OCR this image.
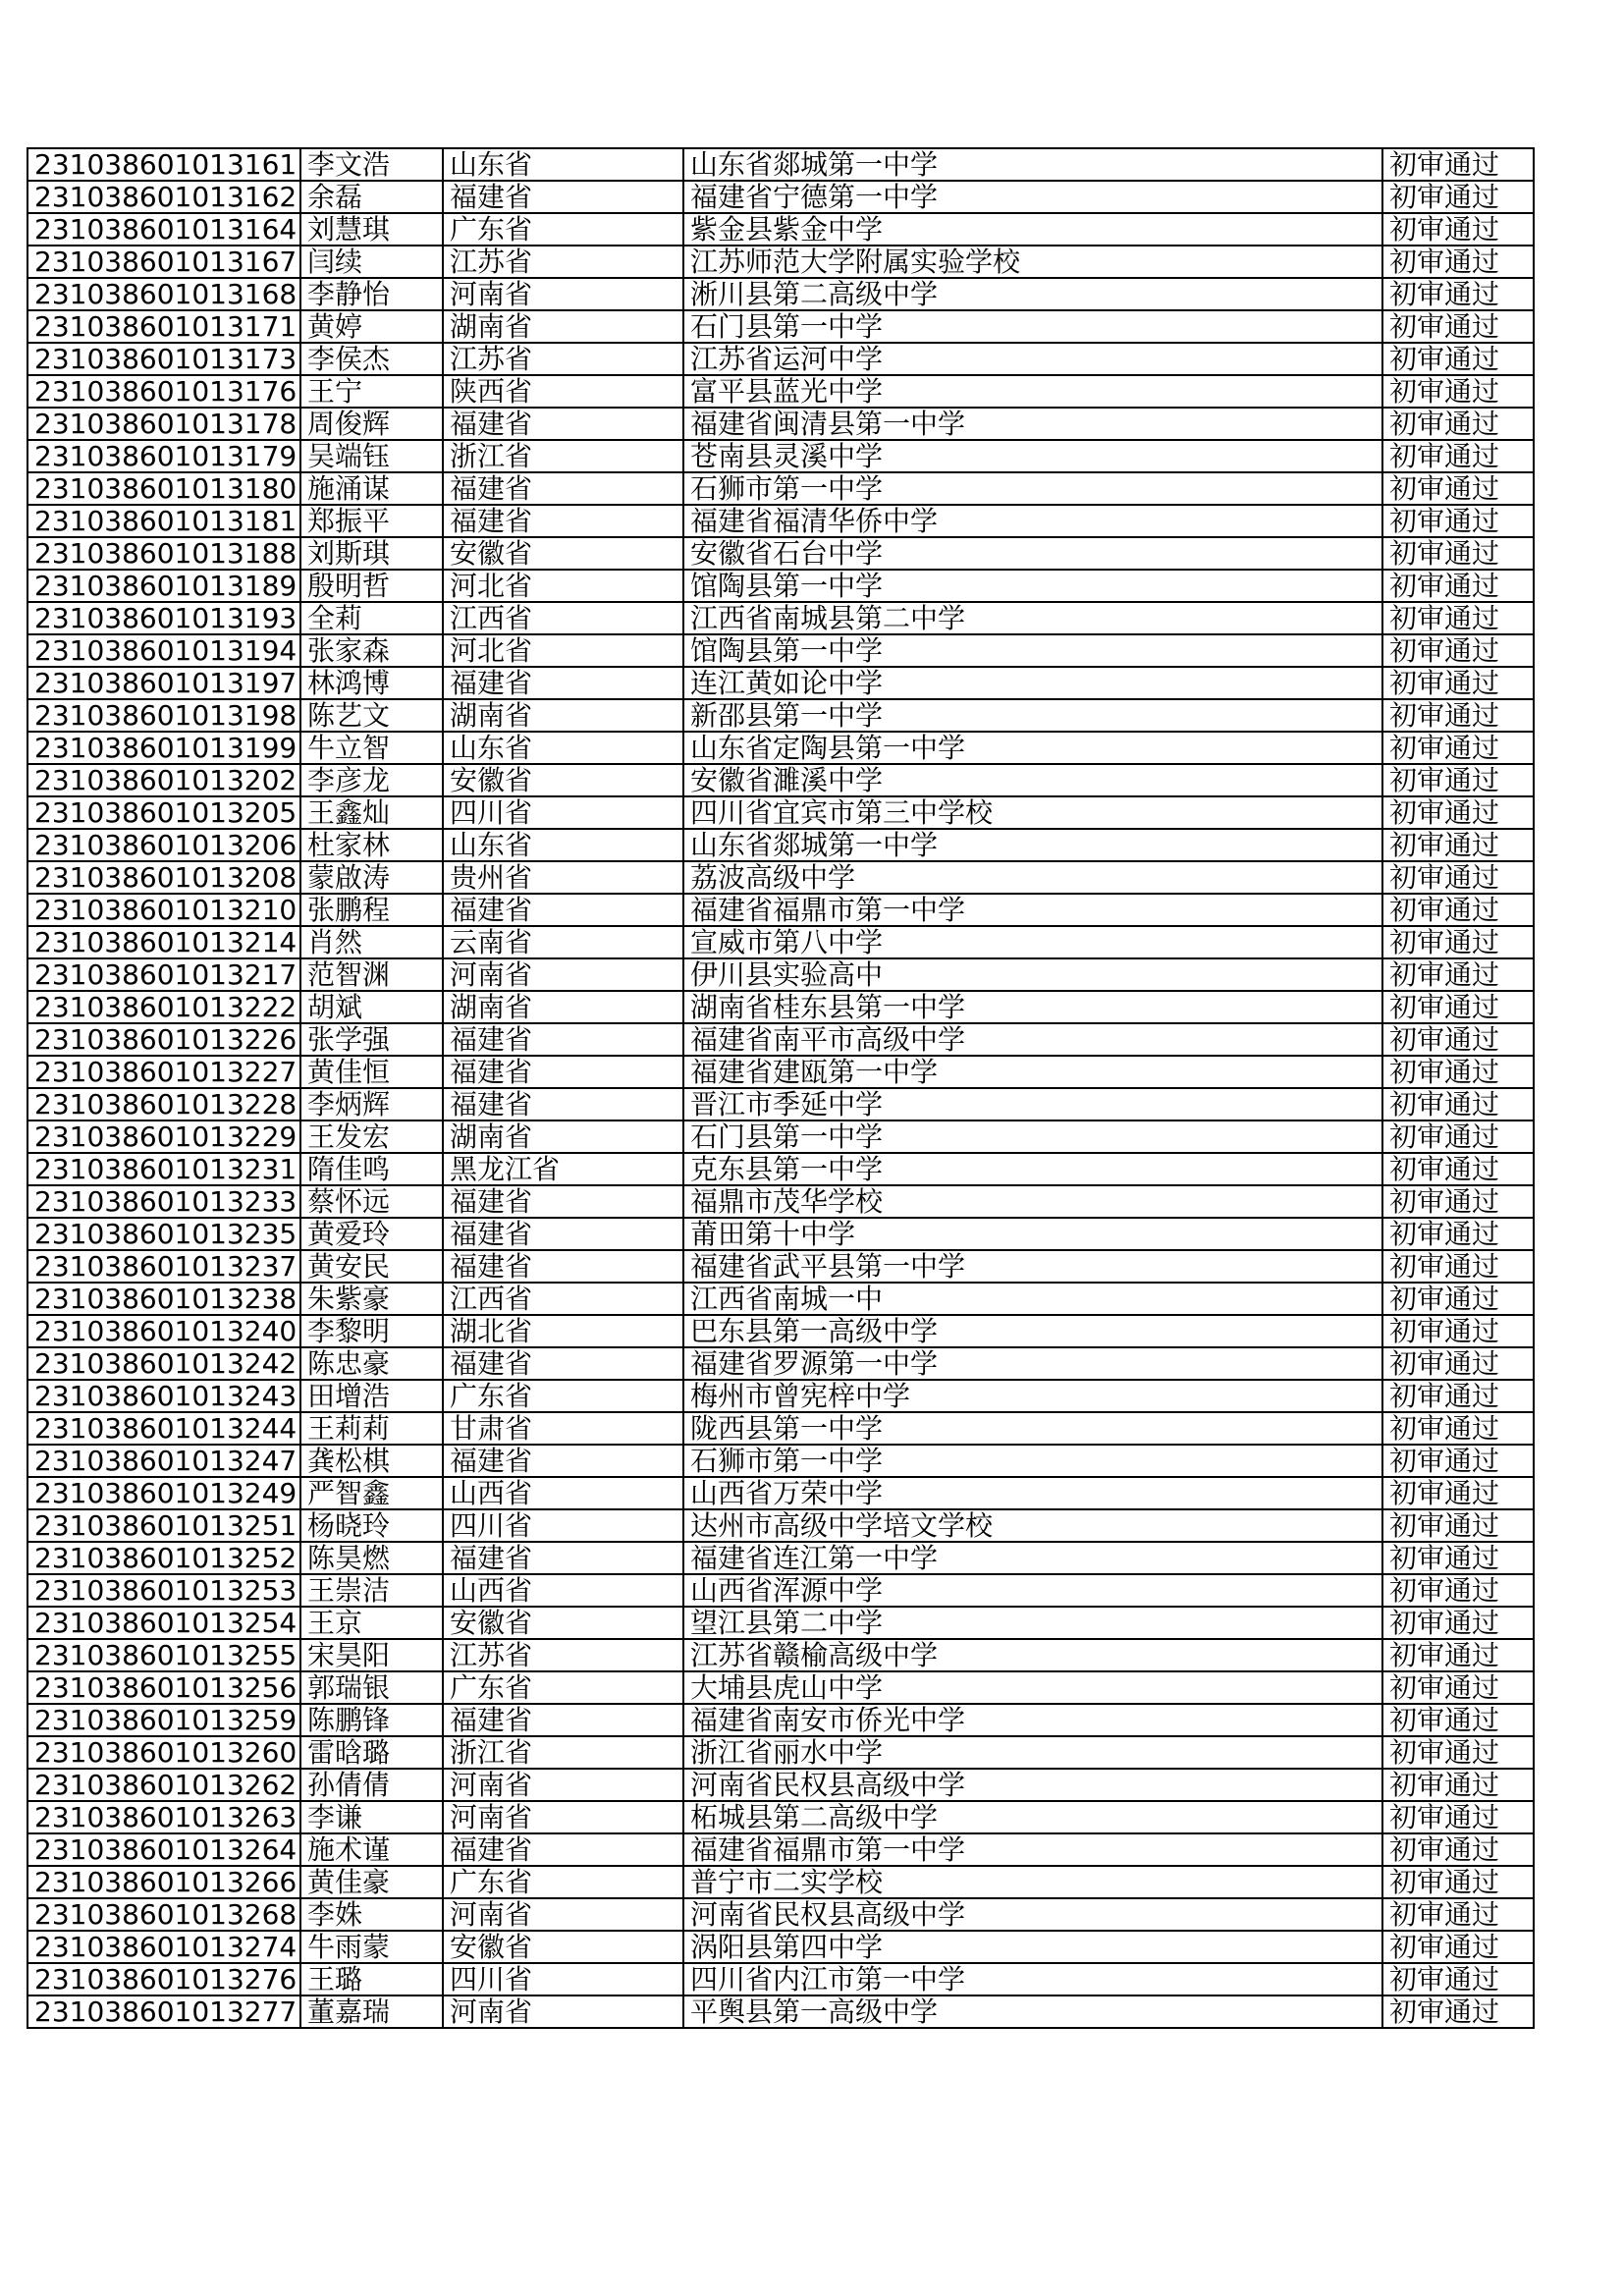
231038601013161	李文浩	山东省	山东省郯城第一中学	初审通过
231038601013162	余磊	福建省	福建省宁德第一中学	初审通过
231038601013164	刘慧琪	广东省	紫金县紫金中学	初审通过
231038601013167	闫续	江苏省	江苏师范大学附属实验学校	初审通过
231038601013168	李静怡	河南省	淅川县第二高级中学	初审通过
231038601013171	黄婷	湖南省	石门县第一中学	初审通过
231038601013173	李侯杰	江苏省	江苏省运河中学	初审通过
231038601013176	王宁	陕西省	富平县蓝光中学	初审通过
231038601013178	周俊辉	福建省	福建省闽清县第一中学	初审通过
231038601013179	吴端钰	浙江省	苍南县灵溪中学	初审通过
231038601013180	施涌谋	福建省	石狮市第一中学	初审通过
231038601013181	郑振平	福建省	福建省福清华侨中学	初审通过
231038601013188	刘斯琪	安徽省	安徽省石台中学	初审通过
231038601013189	殷明哲	河北省	馆陶县第一中学	初审通过
231038601013193	全莉	江西省	江西省南城县第二中学	初审通过
231038601013194	张家森	河北省	馆陶县第一中学	初审通过
231038601013197	林鸿博	福建省	连江黄如论中学	初审通过
231038601013198	陈艺文	湖南省	新邵县第一中学	初审通过
231038601013199	牛立智	山东省	山东省定陶县第一中学	初审通过
231038601013202	李彦龙	安徽省	安徽省濉溪中学	初审通过
231038601013205	王鑫灿	四川省	四川省宜宾市第三中学校	初审通过
231038601013206	杜家林	山东省	山东省郯城第一中学	初审通过
231038601013208	蒙啟涛	贵州省	荔波高级中学	初审通过
231038601013210	张鹏程	福建省	福建省福鼎市第一中学	初审通过
231038601013214	肖然	云南省	宣威市第八中学	初审通过
231038601013217	范智渊	河南省	伊川县实验高中	初审通过
231038601013222	胡斌	湖南省	湖南省桂东县第一中学	初审通过
231038601013226	张学强	福建省	福建省南平市高级中学	初审通过
231038601013227	黄佳恒	福建省	福建省建瓯第一中学	初审通过
231038601013228	李炳辉	福建省	晋江市季延中学	初审通过
231038601013229	王发宏	湖南省	石门县第一中学	初审通过
231038601013231	隋佳鸣	黑龙江省	克东县第一中学	初审通过
231038601013233	蔡怀远	福建省	福鼎市茂华学校	初审通过
231038601013235	黄爱玲	福建省	莆田第十中学	初审通过
231038601013237	黄安民	福建省	福建省武平县第一中学	初审通过
231038601013238	朱紫豪	江西省	江西省南城一中	初审通过
231038601013240	李黎明	湖北省	巴东县第一高级中学	初审通过
231038601013242	陈忠豪	福建省	福建省罗源第一中学	初审通过
231038601013243	田增浩	广东省	梅州市曾宪梓中学	初审通过
231038601013244	王莉莉	甘肃省	陇西县第一中学	初审通过
231038601013247	龚松棋	福建省	石狮市第一中学	初审通过
231038601013249	严智鑫	山西省	山西省万荣中学	初审通过
231038601013251	杨晓玲	四川省	达州市高级中学培文学校	初审通过
231038601013252	陈昊燃	福建省	福建省连江第一中学	初审通过
231038601013253	王崇洁	山西省	山西省浑源中学	初审通过
231038601013254	王京	安徽省	望江县第二中学	初审通过
231038601013255	宋昊阳	江苏省	江苏省赣榆高级中学	初审通过
231038601013256	郭瑞银	广东省	大埔县虎山中学	初审通过
231038601013259	陈鹏锋	福建省	福建省南安市侨光中学	初审通过
231038601013260	雷晗璐	浙江省	浙江省丽水中学	初审通过
231038601013262	孙倩倩	河南省	河南省民权县高级中学	初审通过
231038601013263	李谦	河南省	柘城县第二高级中学	初审通过
231038601013264	施术谨	福建省	福建省福鼎市第一中学	初审通过
231038601013266	黄佳豪	广东省	普宁市二实学校	初审通过
231038601013268	李姝	河南省	河南省民权县高级中学	初审通过
231038601013274	牛雨蒙	安徽省	涡阳县第四中学	初审通过
231038601013276	王璐	四川省	四川省内江市第一中学	初审通过
231038601013277	董嘉瑞	河南省	平舆县第一高级中学	初审通过
